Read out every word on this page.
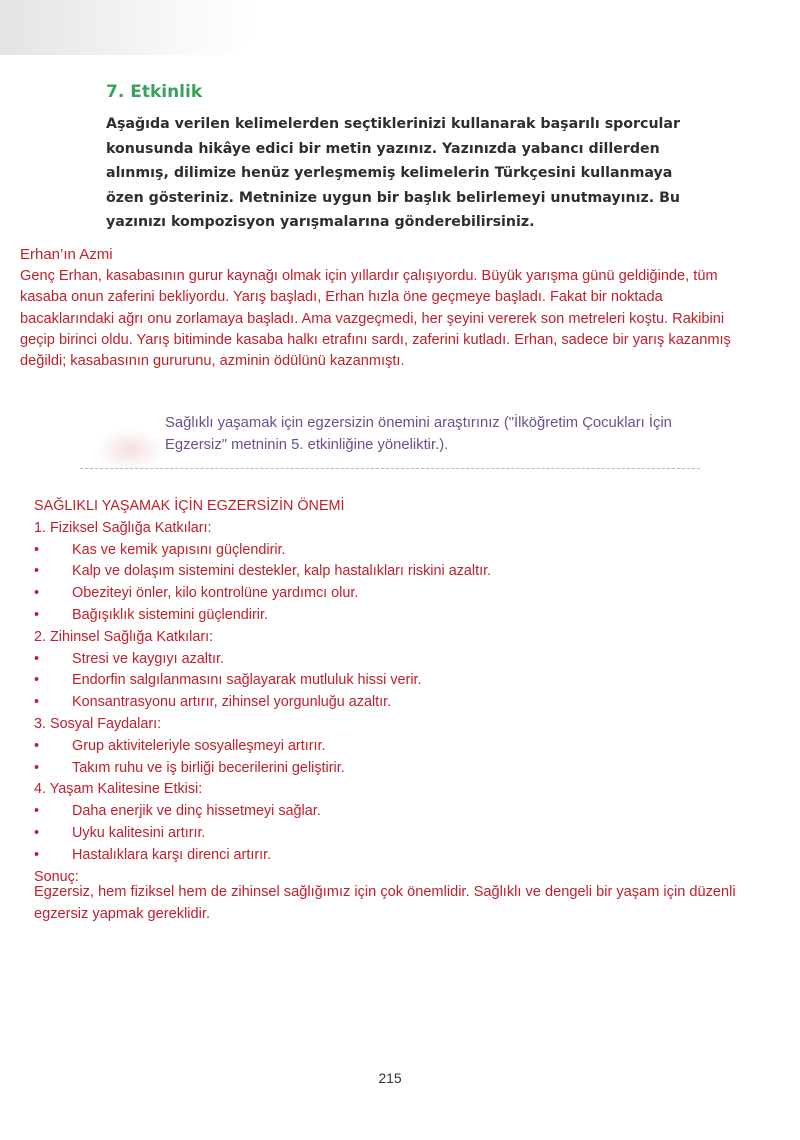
7. Etkinlik

Aşağıda verilen kelimelerden seçtiklerinizi kullanarak başarılı sporcular konusunda hikâye edici bir metin yazınız. Yazınızda yabancı dillerden alınmış, dilimize henüz yerleşmemiş kelimelerin Türkçesini kullanmaya özen gösteriniz. Metninize uygun bir başlık belirlemeyi unutmayınız. Bu yazınızı kompozisyon yarışmalarına gönderebilirsiniz.

Erhan’ın Azmi

Genç Erhan, kasabasının gurur kaynağı olmak için yıllardır çalışıyordu. Büyük yarışma günü geldiğinde, tüm kasaba onun zaferini bekliyordu. Yarış başladı, Erhan hızla öne geçmeye başladı. Fakat bir noktada bacaklarındaki ağrı onu zorlamaya başladı. Ama vazgeçmedi, her şeyini vererek son metreleri koştu. Rakibini geçip birinci oldu. Yarış bitiminde kasaba halkı etrafını sardı, zaferini kutladı. Erhan, sadece bir yarış kazanmış değildi; kasabasının gururunu, azminin ödülünü kazanmıştı.

Sağlıklı yaşamak için egzersizin önemini araştırınız ("İlköğretim Çocukları İçin Egzersiz" metninin 5. etkinliğine yöneliktir.).

SAĞLIKLI YAŞAMAK İÇİN EGZERSİZİN ÖNEMİ
1. Fiziksel Sağlığa Katkıları:
•	Kas ve kemik yapısını güçlendirir.
•	Kalp ve dolaşım sistemini destekler, kalp hastalıkları riskini azaltır.
•	Obeziteyi önler, kilo kontrolüne yardımcı olur.
•	Bağışıklık sistemini güçlendirir.
2. Zihinsel Sağlığa Katkıları:
•	Stresi ve kaygıyı azaltır.
•	Endorfin salgılanmasını sağlayarak mutluluk hissi verir.
•	Konsantrasyonu artırır, zihinsel yorgunluğu azaltır.
3. Sosyal Faydaları:
•	Grup aktiviteleriyle sosyalleşmeyi artırır.
•	Takım ruhu ve iş birliği becerilerini geliştirir.
4. Yaşam Kalitesine Etkisi:
•	Daha enerjik ve dinç hissetmeyi sağlar.
•	Uyku kalitesini artırır.
•	Hastalıklara karşı direnci artırır.
Sonuç:

Egzersiz, hem fiziksel hem de zihinsel sağlığımız için çok önemlidir. Sağlıklı ve dengeli bir yaşam için düzenli egzersiz yapmak gereklidir.

215
